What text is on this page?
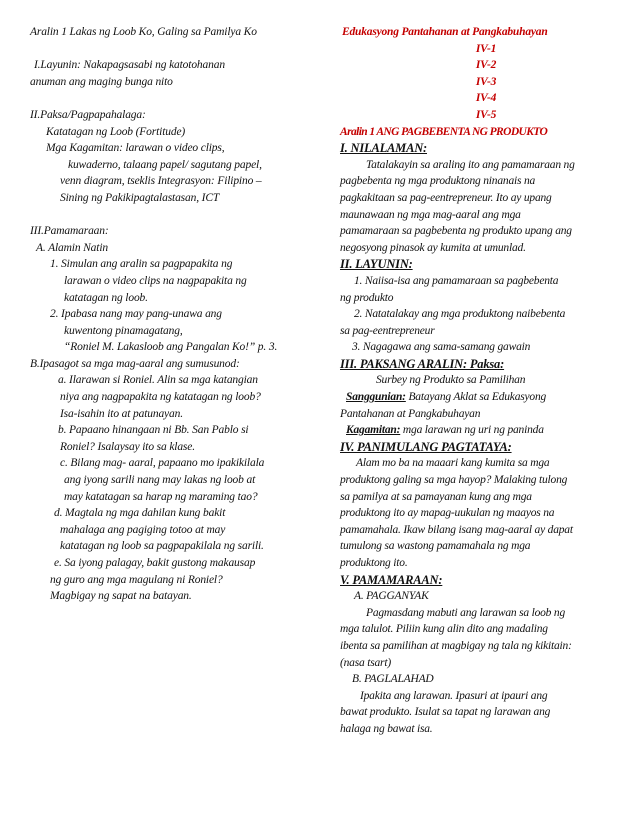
Aralin 1 Lakas ng Loob Ko, Galing sa Pamilya Ko
I.Layunin: Nakapagsasabi ng katotohanan
anuman ang maging bunga nito
II.Paksa/Pagpapahalaga:
Katatagan ng Loob (Fortitude)
Mga Kagamitan: larawan o video clips,
kuwaderno, talaang papel/ sagutang papel,
venn diagram, tseklis Integrasyon: Filipino –
Sining ng Pakikipagtalastasan, ICT
III.Pamamaraan:
A. Alamin Natin
1. Simulan ang aralin sa pagpapakita ng
larawan o video clips na nagpapakita ng
katatagan ng loob.
2. Ipabasa nang may pang-unawa ang
kuwentong pinamagatang,
“Roniel M. Lakasloob ang Pangalan Ko!” p. 3.
B.Ipasagot sa mga mag-aaral ang sumusunod:
a. Ilarawan si Roniel. Alin sa mga katangian
niya ang nagpapakita ng katatagan ng loob?
Isa-isahin ito at patunayan.
b. Papaano hinangaan ni Bb. San Pablo si
Roniel? Isalaysay ito sa klase.
c. Bilang mag- aaral, papaano mo ipakikilala
ang iyong sarili nang may lakas ng loob at
may katatagan sa harap ng maraming tao?
d. Magtala ng mga dahilan kung bakit
mahalaga ang pagiging totoo at may
katatagan ng loob sa pagpapakilala ng sarili.
e. Sa iyong palagay, bakit gustong makausap
ng guro ang mga magulang ni Roniel?
Magbigay ng sapat na batayan.
Edukasyong Pantahanan at Pangkabuhayan
IV-1
IV-2
IV-3
IV-4
IV-5
Aralin 1 ANG PAGBEBENTA NG PRODUKTO
I. NILALAMAN:
Tatalakayin sa araling ito ang pamamaraan ng
pagbebenta ng mga produktong ninanais na
pagkakitaan sa pag-eentrepreneur. Ito ay upang
maunawaan ng mga mag-aaral ang mga
pamamaraan sa pagbebenta ng produkto upang ang
negosyong pinasok ay kumita at umunlad.
II. LAYUNIN:
1. Naiisa-isa ang pamamaraan sa pagbebenta
ng produkto
2. Natatalakay ang mga produktong naibebenta
sa pag-eentrepreneur
3. Nagagawa ang sama-samang gawain
III. PAKSANG ARALIN: Paksa:
Surbey ng Produkto sa Pamilihan
Sanggunian: Batayang Aklat sa Edukasyong
Pantahanan at Pangkabuhayan
Kagamitan: mga larawan ng uri ng paninda
IV. PANIMULANG PAGTATAYA:
Alam mo ba na maaari kang kumita sa mga
produktong galing sa mga hayop? Malaking tulong
sa pamilya at sa pamayanan kung ang mga
produktong ito ay mapag-uukulan ng maayos na
pamamahala. Ikaw bilang isang mag-aaral ay dapat
tumulong sa wastong pamamahala ng mga
produktong ito.
V. PAMAMARAAN:
A. PAGGANYAK
Pagmasdang mabuti ang larawan sa loob ng
mga talulot. Piliin kung alin dito ang madaling
ibenta sa pamilihan at magbigay ng tala ng kikitain:
(nasa tsart)
B. PAGLALAHAD
Ipakita ang larawan. Ipasuri at ipauri ang
bawat produkto. Isulat sa tapat ng larawan ang
halaga ng bawat isa.
